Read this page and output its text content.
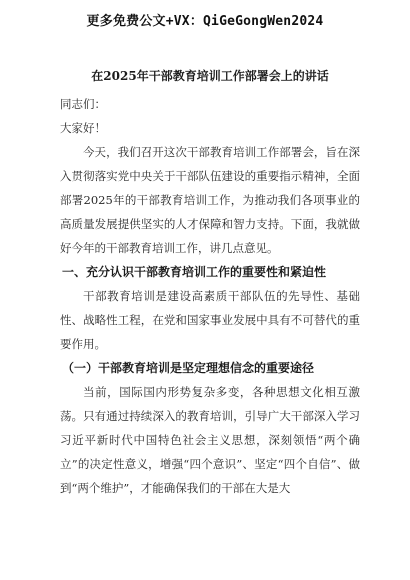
更多免费公文+VX：QiGeGongWen2024
在2025年干部教育培训工作部署会上的讲话

同志们：

大家好！

今天，我们召开这次干部教育培训工作部署会，旨在深入贯彻落实党中央关于干部队伍建设的重要指示精神，全面部署2025年的干部教育培训工作，为推动我们各项事业的高质量发展提供坚实的人才保障和智力支持。下面，我就做好今年的干部教育培训工作，讲几点意见。

一、充分认识干部教育培训工作的重要性和紧迫性

干部教育培训是建设高素质干部队伍的先导性、基础性、战略性工程，在党和国家事业发展中具有不可替代的重要作用。

（一）干部教育培训是坚定理想信念的重要途径

当前，国际国内形势复杂多变，各种思想文化相互激荡。只有通过持续深入的教育培训，引导广大干部深入学习习近平新时代中国特色社会主义思想，深刻领悟“两个确立”的决定性意义，增强“四个意识”、坚定“四个自信”、做到“两个维护”，才能确保我们的干部在大是大
